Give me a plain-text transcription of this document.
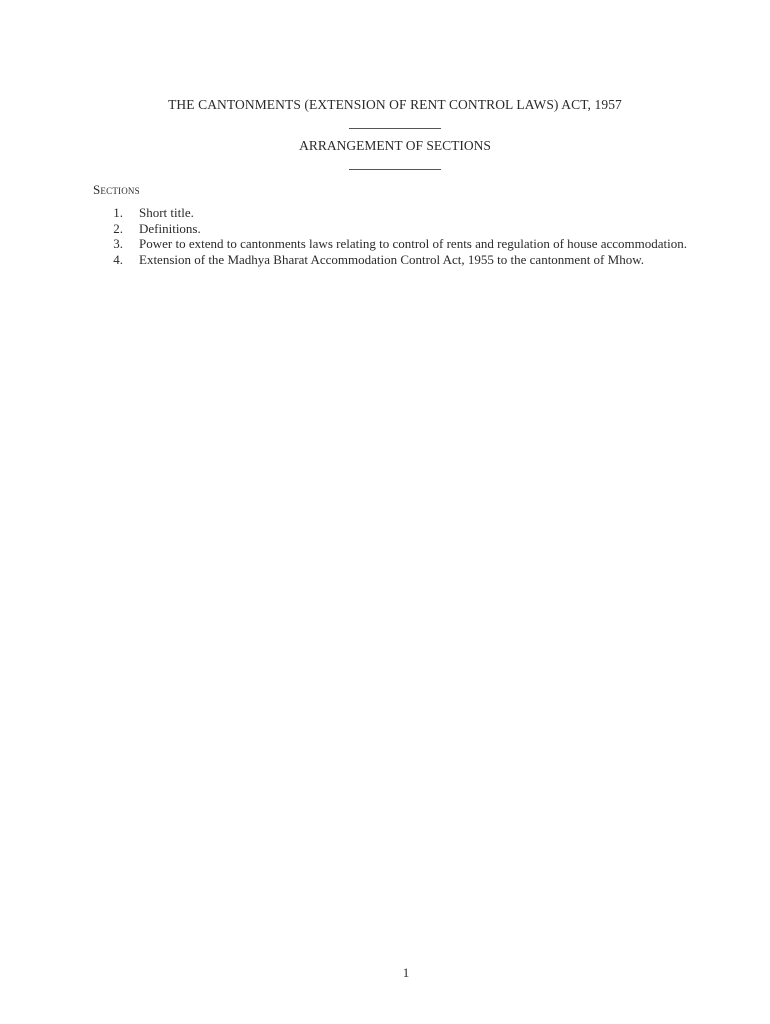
THE CANTONMENTS (EXTENSION OF RENT CONTROL LAWS) ACT, 1957
ARRANGEMENT OF SECTIONS
Sections
1.	Short title.
2.	Definitions.
3.	Power to extend to cantonments laws relating to control of rents and regulation of house accommodation.
4.	Extension of the Madhya Bharat Accommodation Control Act, 1955 to the cantonment of Mhow.
1
